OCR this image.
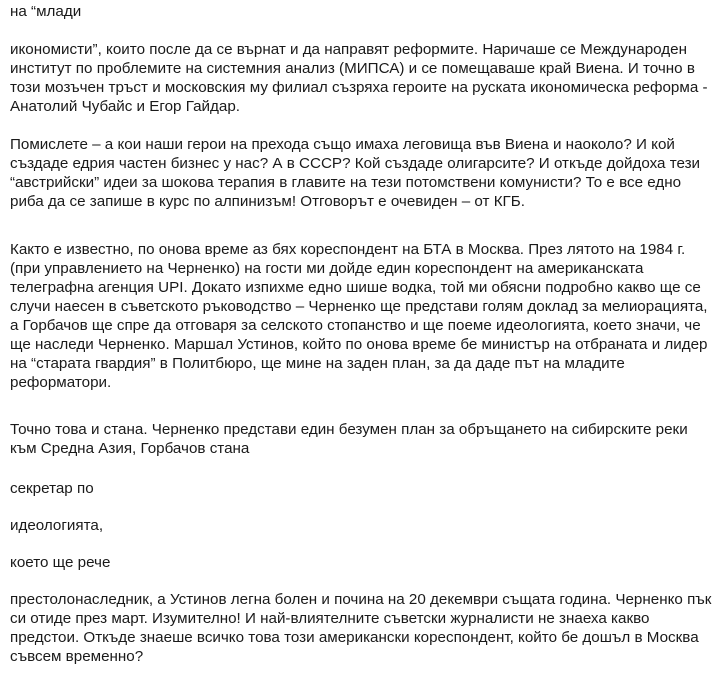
на “млади

икономисти”, които после да се върнат и да направят реформите. Наричаше се Международен
институт по проблемите на системния анализ (МИПСА) и се помещаваше край Виена. И точно в
този мозъчен тръст и московския му филиал съзряха героите на руската икономическа реформа -
Анатолий Чубайс и Егор Гайдар.

Помислете – а кои наши герои на прехода също имаха леговища във Виена и наоколо? И кой
създаде едрия частен бизнес у нас? А в СССР? Кой създаде олигарсите? И откъде дойдоха тези
“австрийски” идеи за шокова терапия в главите на тези потомствени комунисти? То е все едно
риба да се запише в курс по алпинизъм! Отговорът е очевиден – от КГБ.

Както е известно, по онова време аз бях кореспондент на БТА в Москва. През лятото на 1984 г.
(при управлението на Черненко) на гости ми дойде един кореспондент на американската
телеграфна агенция UPI. Докато изпихме едно шише водка, той ми обясни подробно какво ще се
случи наесен в съветското ръководство – Черненко ще представи голям доклад за мелиорацията,
а Горбачов ще спре да отговаря за селското стопанство и ще поеме идеологията, което значи, че
ще наследи Черненко. Маршал Устинов, който по онова време бе министър на отбраната и лидер
на “старата гвардия” в Политбюро, ще мине на заден план, за да даде път на младите
реформатори.

Точно това и стана. Черненко представи един безумен план за обръщането на сибирските реки
към Средна Азия, Горбачов стана

секретар по

идеологията,

което ще рече

престолонаследник, а Устинов легна болен и почина на 20 декември същата година. Черненко пък
си отиде през март. Изумително! И най-влиятелните съветски журналисти не знаеха какво
предстои. Откъде знаеше всичко това този американски кореспондент, който бе дошъл в Москва
съвсем временно?
